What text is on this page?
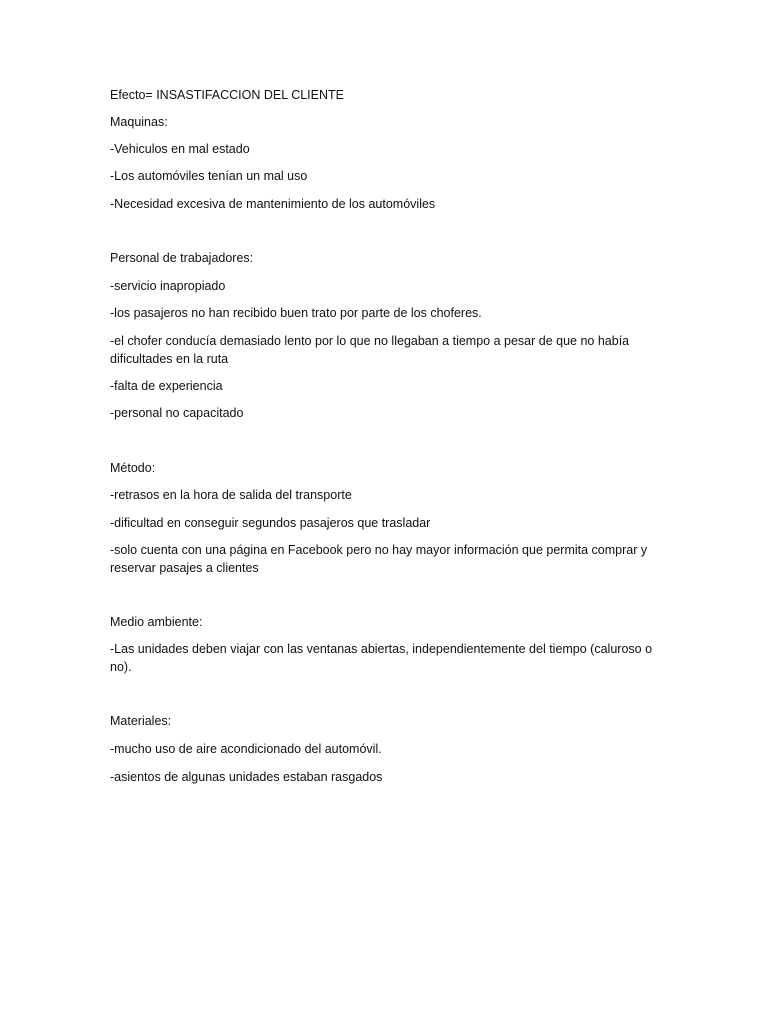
Efecto= INSASTIFACCION DEL CLIENTE
Maquinas:
-Vehiculos en mal estado
-Los automóviles tenían un mal uso
-Necesidad excesiva de mantenimiento de los automóviles
Personal de trabajadores:
-servicio inapropiado
-los pasajeros no han recibido buen trato por parte de los choferes.
-el chofer conducía demasiado lento por lo que no llegaban a tiempo a pesar de que no había dificultades en la ruta
-falta de experiencia
-personal no capacitado
Método:
-retrasos en la hora de salida del transporte
-dificultad en conseguir segundos pasajeros que trasladar
-solo cuenta con una página en Facebook pero no hay mayor información que permita comprar y reservar pasajes a clientes
Medio ambiente:
-Las unidades deben viajar con las ventanas abiertas, independientemente del tiempo (caluroso o no).
Materiales:
-mucho uso de aire acondicionado del automóvil.
-asientos de algunas unidades estaban rasgados
